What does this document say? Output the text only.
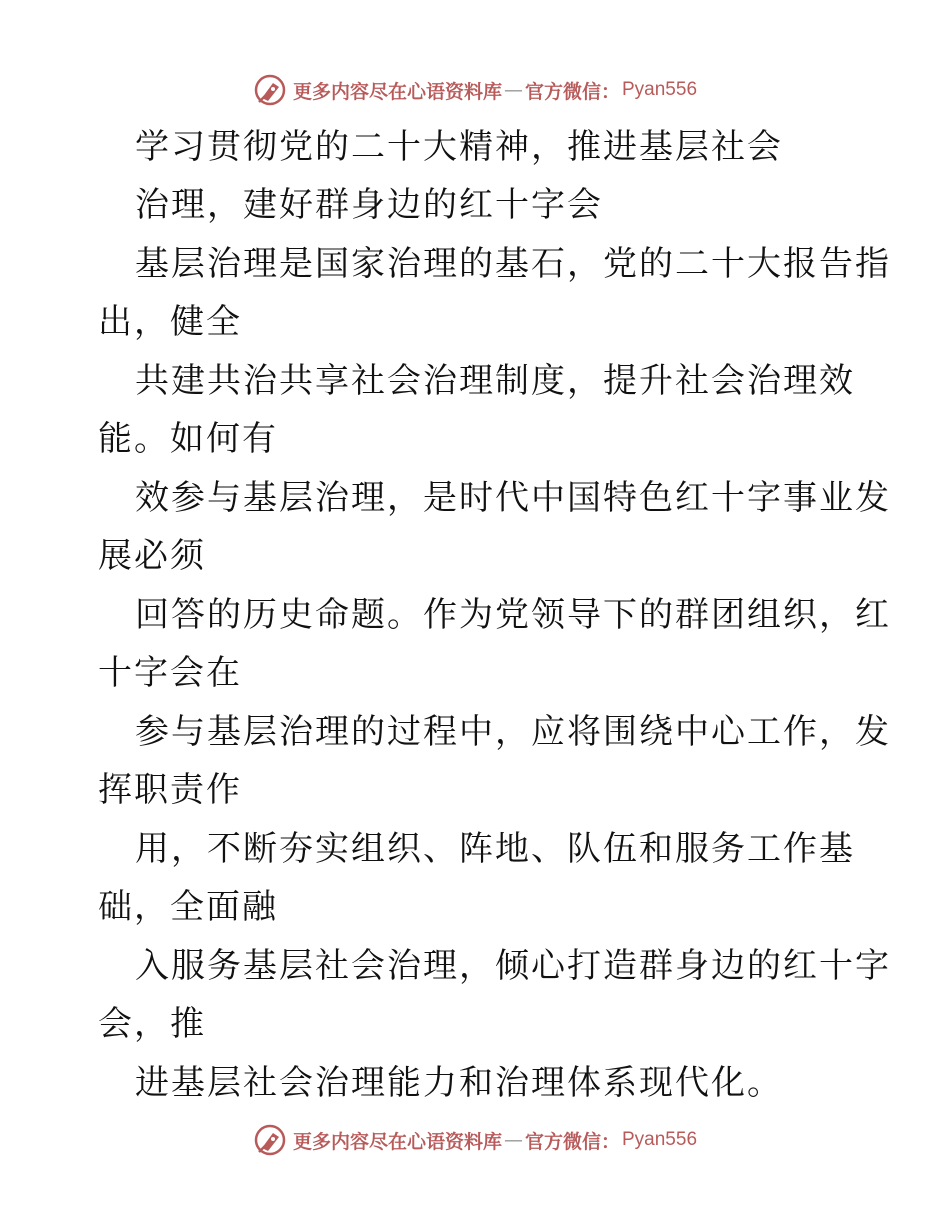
更多内容尽在心语资料库 — 官方微信： Pyan556
学习贯彻党的二十大精神，推进基层社会
治理，建好群身边的红十字会
基层治理是国家治理的基石，党的二十大报告指
出，健全
共建共治共享社会治理制度，提升社会治理效
能。如何有
效参与基层治理，是时代中国特色红十字事业发
展必须
回答的历史命题。作为党领导下的群团组织，红
十字会在
参与基层治理的过程中，应将围绕中心工作，发
挥职责作
用，不断夯实组织、阵地、队伍和服务工作基
础，全面融
入服务基层社会治理，倾心打造群身边的红十字
会，推
进基层社会治理能力和治理体系现代化。
更多内容尽在心语资料库 — 官方微信： Pyan556
